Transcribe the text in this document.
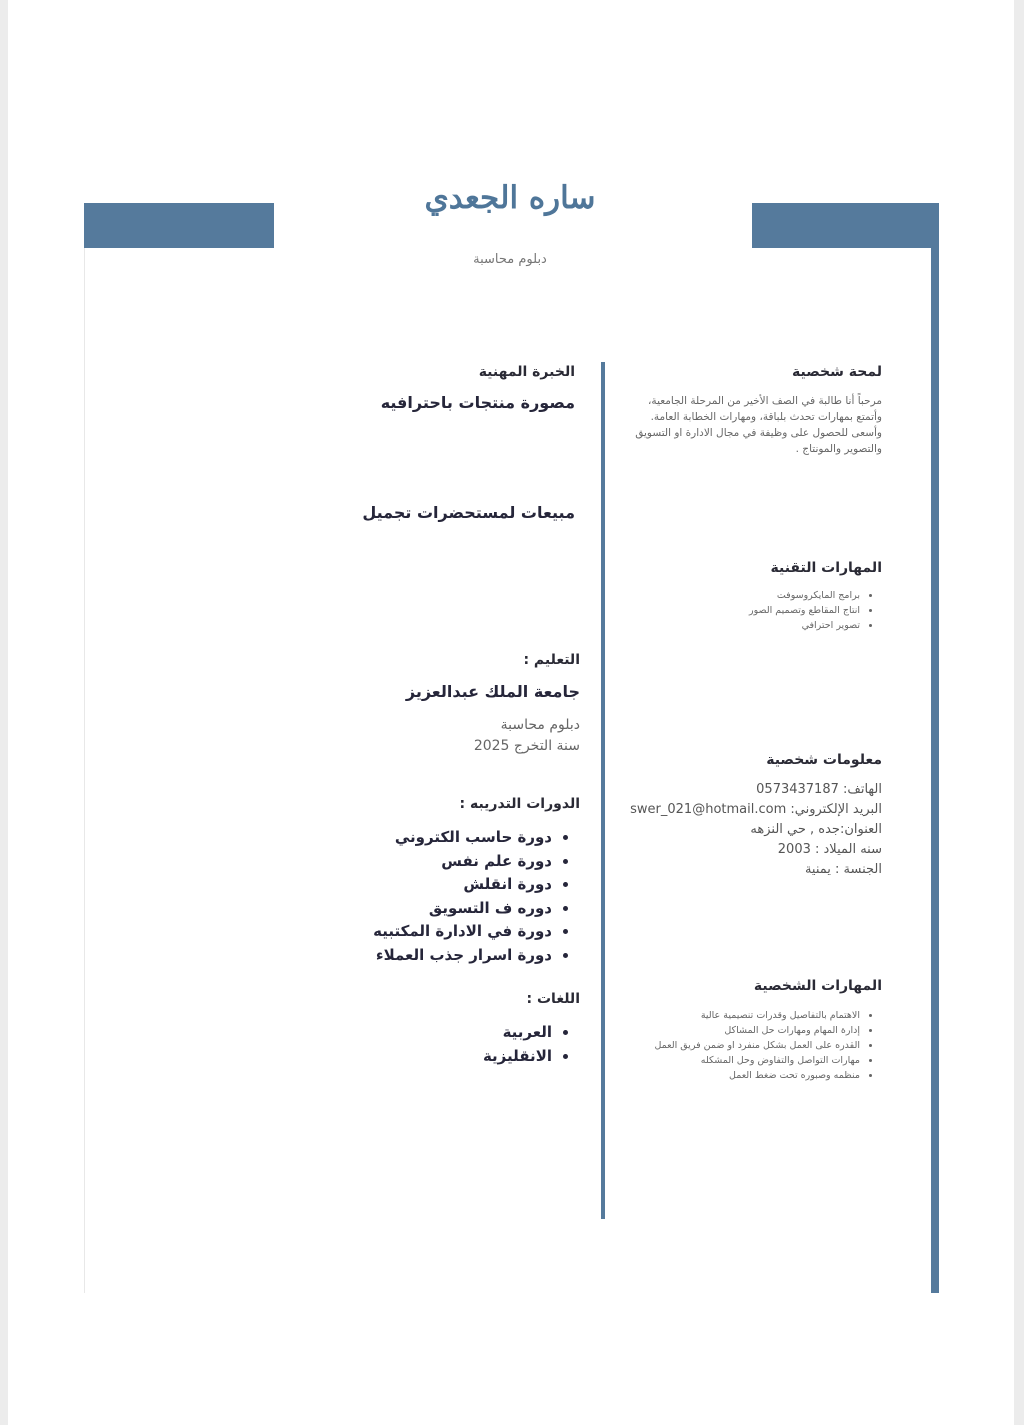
ساره الجعدي
دبلوم محاسبة
لمحة شخصية
مرحباً أنا طالبة في الصف الأخير من المرحلة الجامعية،
وأتمتع بمهارات تحدث بلباقة، ومهارات الخطابة العامة.
وأسعى للحصول على وظيفة في مجال الادارة او التسويق
والتصوير والمونتاج .
المهارات التقنية
• برامج المايكروسوفت
• انتاج المقاطع وتصميم الصور
• تصوير احترافي
معلومات شخصية
الهاتف: 0573437187
البريد الإلكتروني: swer_021@hotmail.com
العنوان:جده , حي النزهه
سنه الميلاد : 2003
الجنسة : يمنية
المهارات الشخصية
• الاهتمام بالتفاصيل وقدرات تنصيمية عالية
• إدارة المهام ومهارات حل المشاكل
• القدره على العمل بشكل منفرد او ضمن فريق العمل
• مهارات التواصل والتفاوض وحل المشكله
• منظمه وصبوره تحت ضغط العمل
الخبرة المهنية
مصورة منتجات باحترافيه
مبيعات لمستحضرات تجميل
التعليم :
جامعة الملك عبدالعزيز
دبلوم محاسبة
سنة التخرج 2025
الدورات التدريبه :
• دورة حاسب الكتروني
• دورة علم نفس
• دورة انقلش
• دوره ف التسويق
• دورة في الادارة المكتبيه
• دورة اسرار جذب العملاء
اللغات :
• العربية
• الانقليزية
